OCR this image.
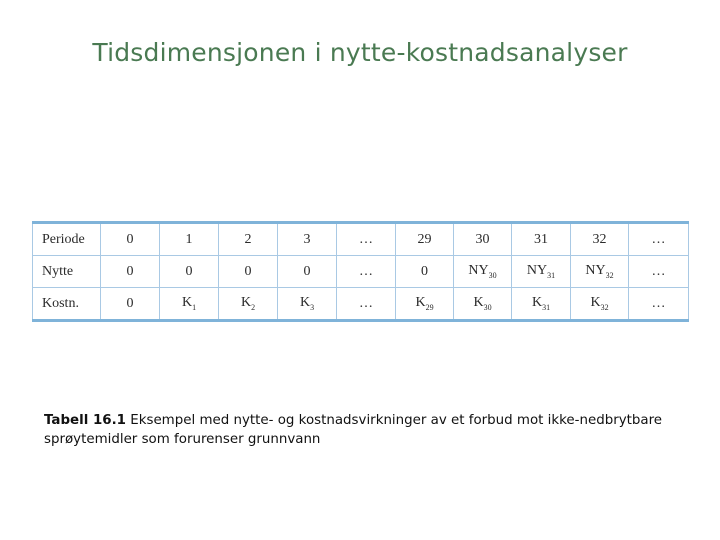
Tidsdimensjonen i nytte-kostnadsanalyser
Periode	0	1	2	3	…	29	30	31	32	…
Nytte	0	0	0	0	…	0	$NY_{30}$	$NY_{31}$	$NY_{32}$	…
Kostn.	0	$K_1$	$K_2$	$K_3$	…	$K_{29}$	$K_{30}$	$K_{31}$	$K_{32}$	…
Tabell 16.1 Eksempel med nytte- og kostnadsvirkninger av et forbud mot ikke-nedbrytbare sprøytemidler som forurenser grunnvann
